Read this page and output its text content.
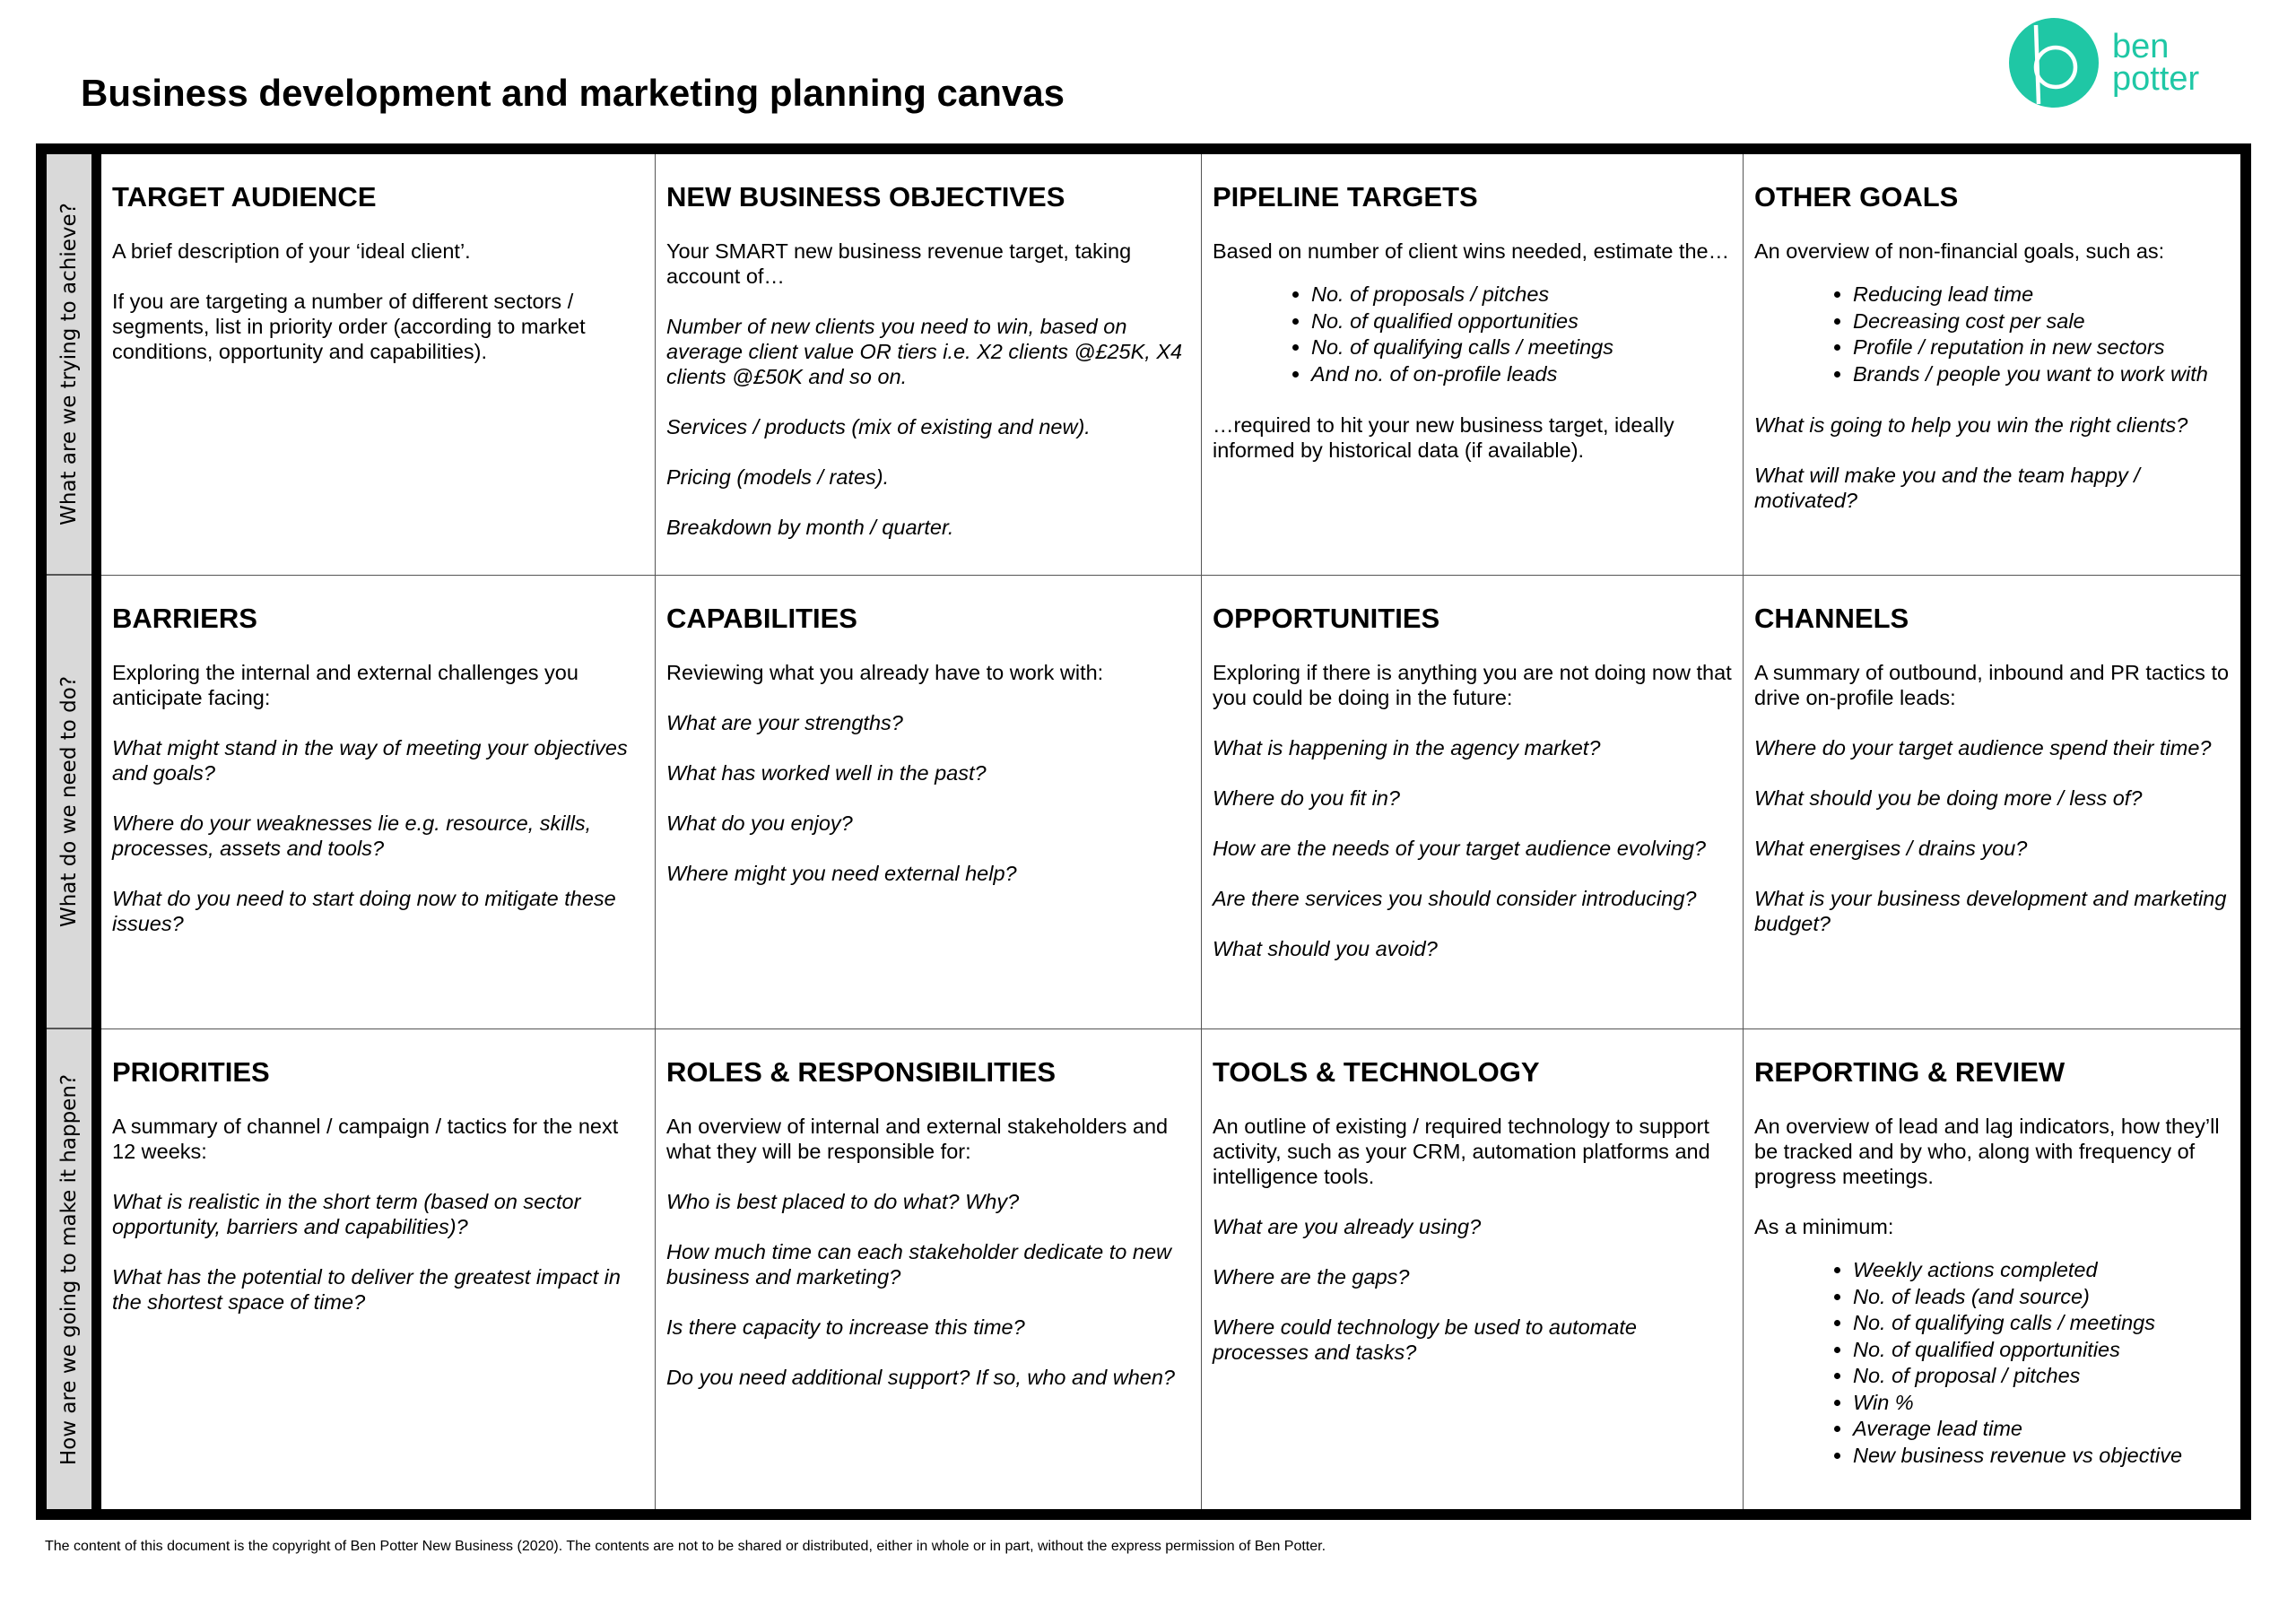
Business development and marketing planning canvas
ben
potter
What are we trying to achieve?
TARGET AUDIENCE

A brief description of your ‘ideal client’.

If you are targeting a number of different sectors / segments, list in priority order (according to market conditions, opportunity and capabilities).

NEW BUSINESS OBJECTIVES

Your SMART new business revenue target, taking account of…

Number of new clients you need to win, based on average client value OR tiers i.e. X2 clients @£25K, X4 clients @£50K and so on.

Services / products (mix of existing and new).

Pricing (models / rates).

Breakdown by month / quarter.

PIPELINE TARGETS

Based on number of client wins needed, estimate the…

• No. of proposals / pitches
• No. of qualified opportunities
• No. of qualifying calls / meetings
• And no. of on-profile leads

…required to hit your new business target, ideally informed by historical data (if available).

OTHER GOALS

An overview of non-financial goals, such as:

• Reducing lead time
• Decreasing cost per sale
• Profile / reputation in new sectors
• Brands / people you want to work with

What is going to help you win the right clients?

What will make you and the team happy / motivated?

What do we need to do?
BARRIERS

Exploring the internal and external challenges you anticipate facing:

What might stand in the way of meeting your objectives and goals?

Where do your weaknesses lie e.g. resource, skills, processes, assets and tools?

What do you need to start doing now to mitigate these issues?

CAPABILITIES

Reviewing what you already have to work with:

What are your strengths?

What has worked well in the past?

What do you enjoy?

Where might you need external help?

OPPORTUNITIES

Exploring if there is anything you are not doing now that you could be doing in the future:

What is happening in the agency market?

Where do you fit in?

How are the needs of your target audience evolving?

Are there services you should consider introducing?

What should you avoid?

CHANNELS

A summary of outbound, inbound and PR tactics to drive on-profile leads:

Where do your target audience spend their time?

What should you be doing more / less of?

What energises / drains you?

What is your business development and marketing budget?

How are we going to make it happen?
PRIORITIES

A summary of channel / campaign / tactics for the next 12 weeks:

What is realistic in the short term (based on sector opportunity, barriers and capabilities)?

What has the potential to deliver the greatest impact in the shortest space of time?

ROLES & RESPONSIBILITIES

An overview of internal and external stakeholders and what they will be responsible for:

Who is best placed to do what? Why?

How much time can each stakeholder dedicate to new business and marketing?

Is there capacity to increase this time?

Do you need additional support? If so, who and when?

TOOLS & TECHNOLOGY

An outline of existing / required technology to support activity, such as your CRM, automation platforms and intelligence tools.

What are you already using?

Where are the gaps?

Where could technology be used to automate processes and tasks?

REPORTING & REVIEW

An overview of lead and lag indicators, how they’ll be tracked and by who, along with frequency of progress meetings.

As a minimum:

• Weekly actions completed
• No. of leads (and source)
• No. of qualifying calls / meetings
• No. of qualified opportunities
• No. of proposal / pitches
• Win %
• Average lead time
• New business revenue vs objective
The content of this document is the copyright of Ben Potter New Business (2020). The contents are not to be shared or distributed, either in whole or in part, without the express permission of Ben Potter.
